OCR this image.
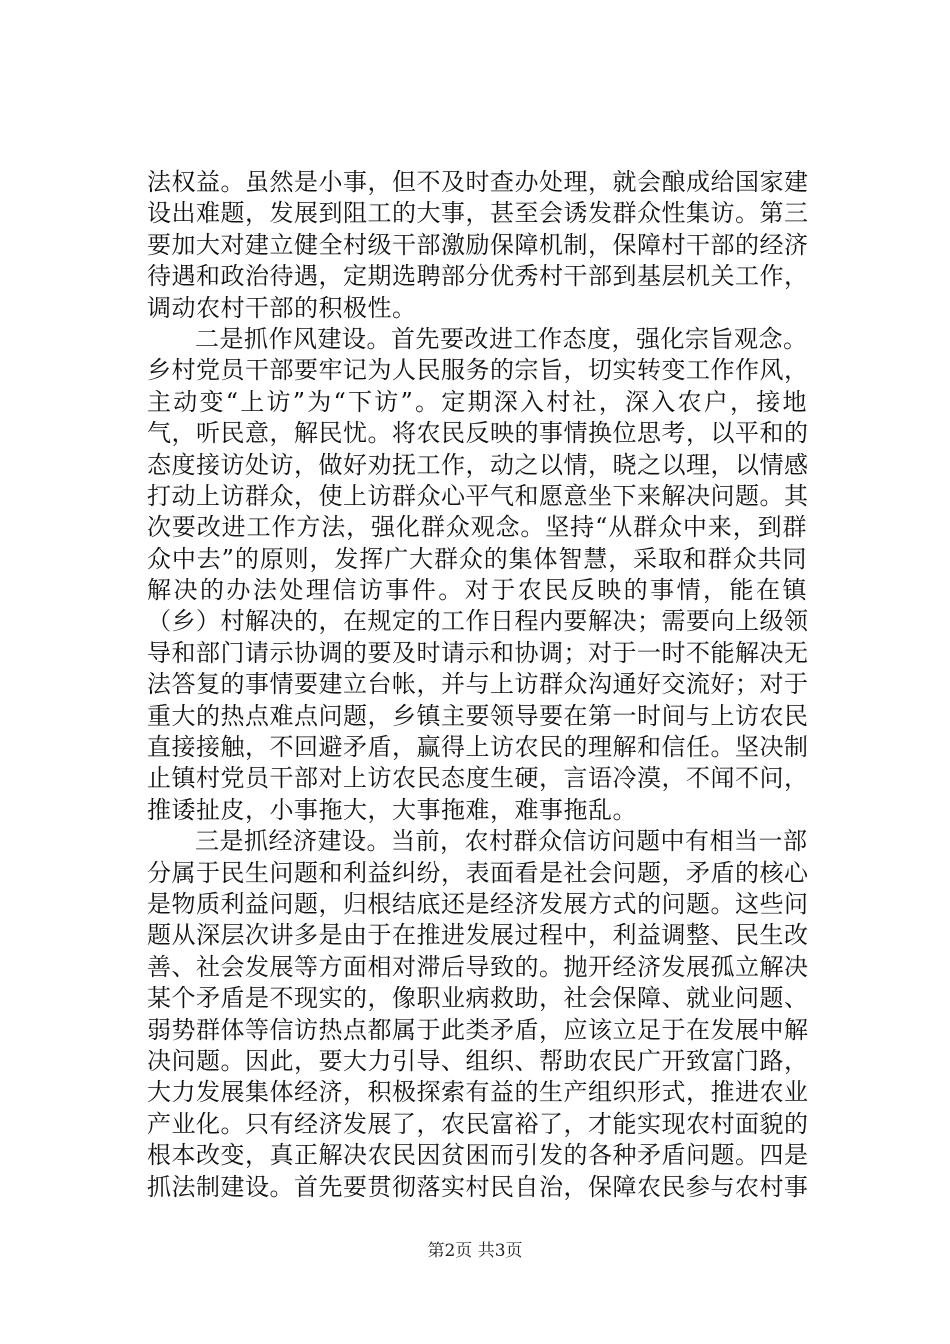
法权益。虽然是小事，但不及时查办处理，就会酿成给国家建
设出难题，发展到阻工的大事，甚至会诱发群众性集访。第三
要加大对建立健全村级干部激励保障机制，保障村干部的经济
待遇和政治待遇，定期选聘部分优秀村干部到基层机关工作，
调动农村干部的积极性。
二是抓作风建设。首先要改进工作态度，强化宗旨观念。
乡村党员干部要牢记为人民服务的宗旨，切实转变工作作风，
主动变“上访”为“下访”。定期深入村社，深入农户，接地
气，听民意，解民忧。将农民反映的事情换位思考，以平和的
态度接访处访，做好劝抚工作，动之以情，晓之以理，以情感
打动上访群众，使上访群众心平气和愿意坐下来解决问题。其
次要改进工作方法，强化群众观念。坚持“从群众中来，到群
众中去”的原则，发挥广大群众的集体智慧，采取和群众共同
解决的办法处理信访事件。对于农民反映的事情，能在镇
（乡）村解决的，在规定的工作日程内要解决；需要向上级领
导和部门请示协调的要及时请示和协调；对于一时不能解决无
法答复的事情要建立台帐，并与上访群众沟通好交流好；对于
重大的热点难点问题，乡镇主要领导要在第一时间与上访农民
直接接触，不回避矛盾，赢得上访农民的理解和信任。坚决制
止镇村党员干部对上访农民态度生硬，言语冷漠，不闻不问，
推诿扯皮，小事拖大，大事拖难，难事拖乱。
三是抓经济建设。当前，农村群众信访问题中有相当一部
分属于民生问题和利益纠纷，表面看是社会问题，矛盾的核心
是物质利益问题，归根结底还是经济发展方式的问题。这些问
题从深层次讲多是由于在推进发展过程中，利益调整、民生改
善、社会发展等方面相对滞后导致的。抛开经济发展孤立解决
某个矛盾是不现实的，像职业病救助，社会保障、就业问题、
弱势群体等信访热点都属于此类矛盾，应该立足于在发展中解
决问题。因此，要大力引导、组织、帮助农民广开致富门路，
大力发展集体经济，积极探索有益的生产组织形式，推进农业
产业化。只有经济发展了，农民富裕了，才能实现农村面貌的
根本改变，真正解决农民因贫困而引发的各种矛盾问题。四是
抓法制建设。首先要贯彻落实村民自治，保障农民参与农村事
第2页 共3页
